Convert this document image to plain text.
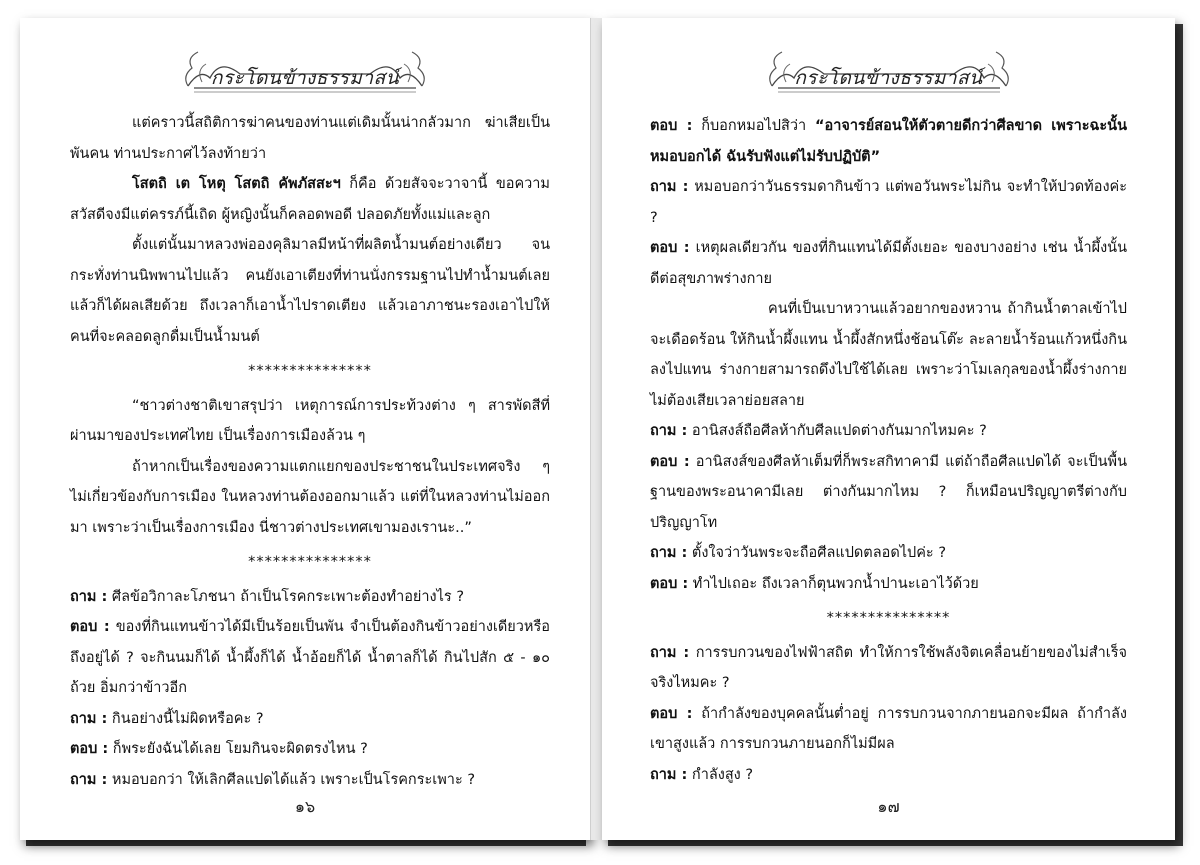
กระโดนข้างธรรมาสน์

แต่คราวนี้สถิติการฆ่าคนของท่านแต่เดิมนั้นน่ากลัวมาก ฆ่าเสียเป็นพันคน ท่านประกาศไว้ลงท้ายว่า

โสตถิ เต โหตุ โสตถิ คัพภัสสะฯ ก็คือ ด้วยสัจจะวาจานี้ ขอความสวัสดีจงมีแต่ครรภ์นี้เถิด ผู้หญิงนั้นก็คลอดพอดี ปลอดภัยทั้งแม่และลูก

ตั้งแต่นั้นมาหลวงพ่อองคุลิมาลมีหน้าที่ผลิตน้ำมนต์อย่างเดียว จนกระทั่งท่านนิพพานไปแล้ว คนยังเอาเตียงที่ท่านนั่งกรรมฐานไปทำน้ำมนต์เลย แล้วก็ได้ผลเสียด้วย ถึงเวลาก็เอาน้ำไปราดเตียง แล้วเอาภาชนะรองเอาไปให้คนที่จะคลอดลูกดื่มเป็นน้ำมนต์

***************

“ชาวต่างชาติเขาสรุปว่า เหตุการณ์การประท้วงต่าง ๆ สารพัดสีที่ผ่านมาของประเทศไทย เป็นเรื่องการเมืองล้วน ๆ

ถ้าหากเป็นเรื่องของความแตกแยกของประชาชนในประเทศจริง ๆ ไม่เกี่ยวข้องกับการเมือง ในหลวงท่านต้องออกมาแล้ว แต่ที่ในหลวงท่านไม่ออกมา เพราะว่าเป็นเรื่องการเมือง นี่ชาวต่างประเทศเขามองเรานะ..”

***************

ถาม : ศีลข้อวิกาละโภชนา ถ้าเป็นโรคกระเพาะต้องทำอย่างไร ?

ตอบ : ของที่กินแทนข้าวได้มีเป็นร้อยเป็นพัน จำเป็นต้องกินข้าวอย่างเดียวหรือถึงอยู่ได้ ? จะกินนมก็ได้ น้ำผึ้งก็ได้ น้ำอ้อยก็ได้ น้ำตาลก็ได้ กินไปสัก ๕ - ๑๐ ถ้วย อิ่มกว่าข้าวอีก

ถาม : กินอย่างนี้ไม่ผิดหรือคะ ?

ตอบ : ก็พระยังฉันได้เลย โยมกินจะผิดตรงไหน ?

ถาม : หมอบอกว่า ให้เลิกศีลแปดได้แล้ว เพราะเป็นโรคกระเพาะ ?

๑๖
กระโดนข้างธรรมาสน์

ตอบ : ก็บอกหมอไปสิว่า “อาจารย์สอนให้ตัวตายดีกว่าศีลขาด เพราะฉะนั้นหมอบอกได้ ฉันรับฟังแต่ไม่รับปฏิบัติ”

ถาม : หมอบอกว่าวันธรรมดากินข้าว แต่พอวันพระไม่กิน จะทำให้ปวดท้องค่ะ ?

ตอบ : เหตุผลเดียวกัน ของที่กินแทนได้มีตั้งเยอะ ของบางอย่าง เช่น น้ำผึ้งนั้นดีต่อสุขภาพร่างกาย

คนที่เป็นเบาหวานแล้วอยากของหวาน ถ้ากินน้ำตาลเข้าไปจะเดือดร้อน ให้กินน้ำผึ้งแทน น้ำผึ้งสักหนึ่งช้อนโต๊ะ ละลายน้ำร้อนแก้วหนึ่งกินลงไปแทน ร่างกายสามารถดึงไปใช้ได้เลย เพราะว่าโมเลกุลของน้ำผึ้งร่างกายไม่ต้องเสียเวลาย่อยสลาย

ถาม : อานิสงส์ถือศีลห้ากับศีลแปดต่างกันมากไหมคะ ?

ตอบ : อานิสงส์ของศีลห้าเต็มที่ก็พระสกิทาคามี แต่ถ้าถือศีลแปดได้ จะเป็นพื้นฐานของพระอนาคามีเลย ต่างกันมากไหม ? ก็เหมือนปริญญาตรีต่างกับปริญญาโท

ถาม : ตั้งใจว่าวันพระจะถือศีลแปดตลอดไปค่ะ ?

ตอบ : ทำไปเถอะ ถึงเวลาก็ตุนพวกน้ำปานะเอาไว้ด้วย

***************

ถาม : การรบกวนของไฟฟ้าสถิต ทำให้การใช้พลังจิตเคลื่อนย้ายของไม่สำเร็จ จริงไหมคะ ?

ตอบ : ถ้ากำลังของบุคคลนั้นต่ำอยู่ การรบกวนจากภายนอกจะมีผล ถ้ากำลังเขาสูงแล้ว การรบกวนภายนอกก็ไม่มีผล

ถาม : กำลังสูง ?

๑๗
